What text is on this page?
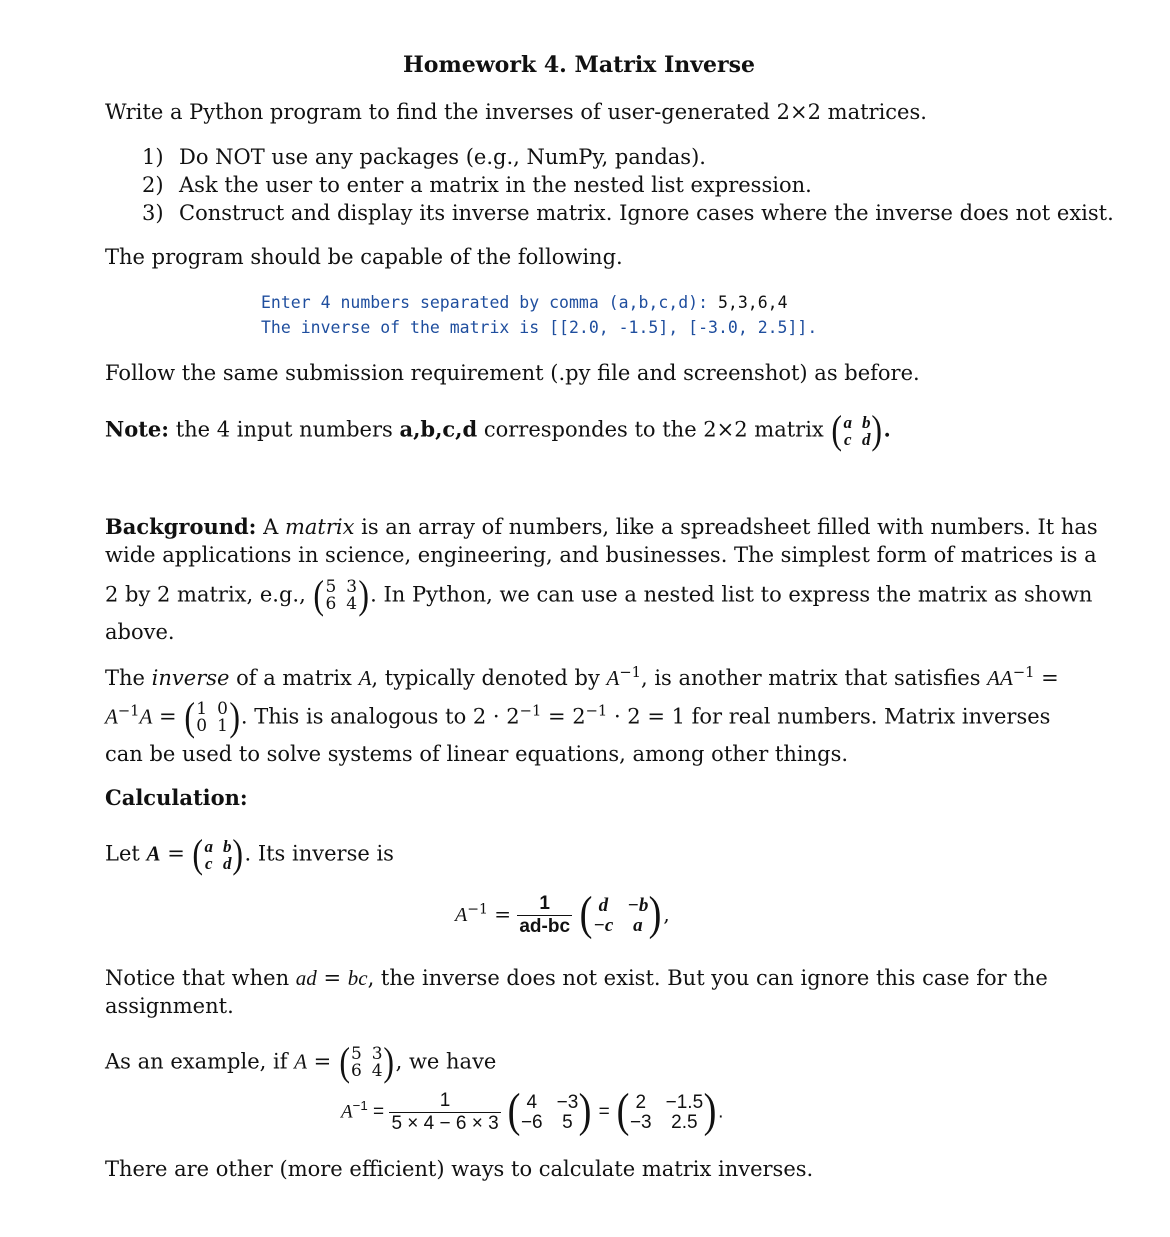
Homework 4. Matrix Inverse
Write a Python program to find the inverses of user-generated 2×2 matrices.
1) Do NOT use any packages (e.g., NumPy, pandas).
2) Ask the user to enter a matrix in the nested list expression.
3) Construct and display its inverse matrix. Ignore cases where the inverse does not exist.
The program should be capable of the following.
Enter 4 numbers separated by comma (a,b,c,d): 5,3,6,4
The inverse of the matrix is [[2.0, -1.5], [-3.0, 2.5]].
Follow the same submission requirement (.py file and screenshot) as before.
Note: the 4 input numbers a,b,c,d correspondes to the 2×2 matrix ( )
a	b
c	d .
Background: A matrix is an array of numbers, like a spreadsheet filled with numbers. It has
wide applications in science, engineering, and businesses. The simplest form of matrices is a
2 by 2 matrix, e.g., ( )
5	3
6	4 . In Python, we can use a nested list to express the matrix as shown
above.
The inverse of a matrix A, typically denoted by $A^{-1}$, is another matrix that satisfies $AA^{-1}$ =
$A^{-1}A$ = ( )
1	0
0	1 . This is analogous to $2 \cdot 2^{-1} = 2^{-1} \cdot 2 = 1$ for real numbers. Matrix inverses
can be used to solve systems of linear equations, among other things.
Calculation:
Let A = ( )
a	b
c	d . Its inverse is
$A^{-1} = \frac{1}{ad-bc}$
( )
d	−b
−c	a ,
Notice that when ad = bc, the inverse does not exist. But you can ignore this case for the
assignment.
As an example, if A = ( )
5	3
6	4 , we have
$A^{-1} = \frac{1}{5 \times 4 - 6 \times 3}$
( )
4	−3
−6	5 = ( )
2	−1.5
−3	2.5 .
There are other (more efficient) ways to calculate matrix inverses.
